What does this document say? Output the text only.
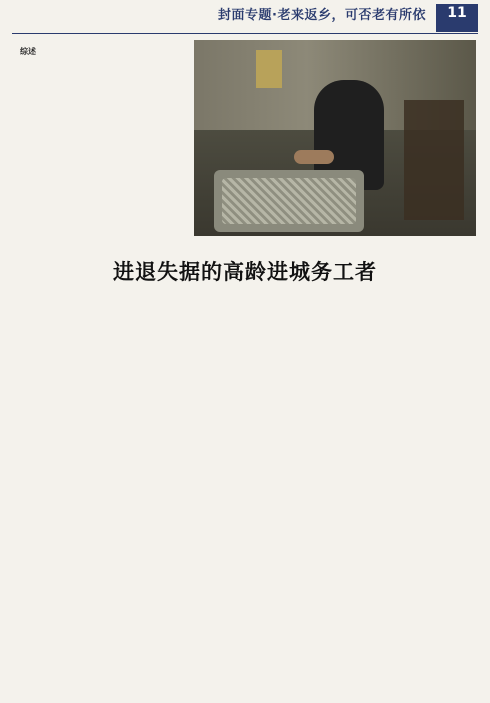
封面专题·老来返乡，可否老有所依	11
综述

进退失据的高龄进城务工者
